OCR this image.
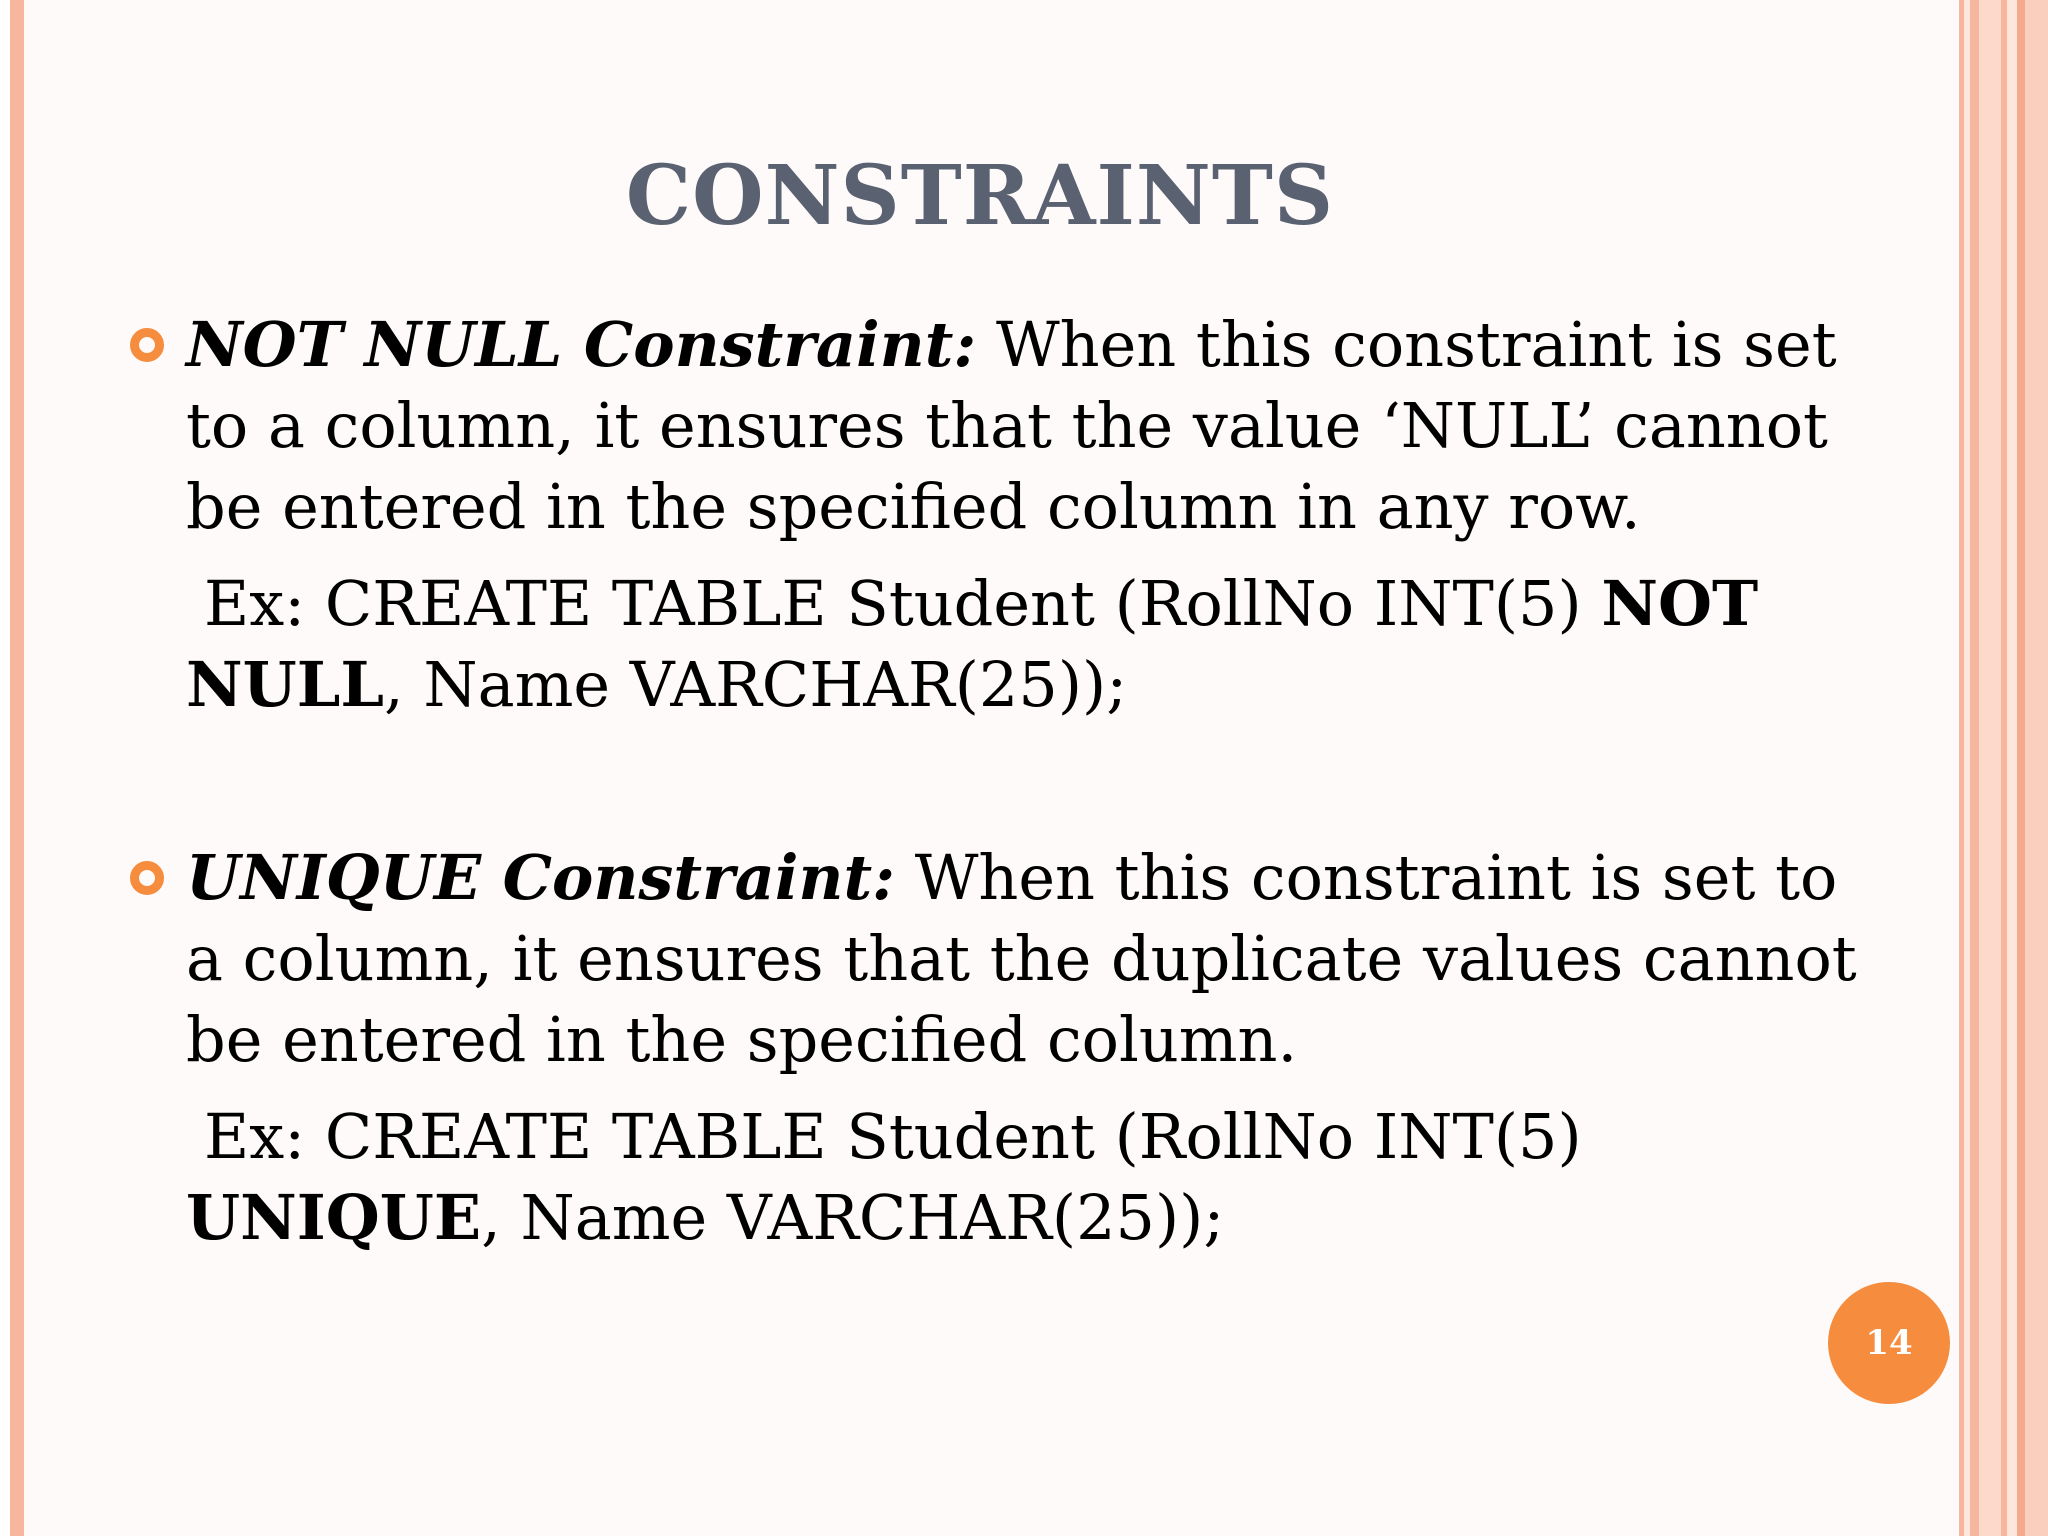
CONSTRAINTS
NOT NULL Constraint: When this constraint is set to a column, it ensures that the value ‘NULL’ cannot be entered in the specified column in any row.
Ex: CREATE TABLE Student (RollNo INT(5) NOT NULL, Name VARCHAR(25));
UNIQUE Constraint: When this constraint is set to a column, it ensures that the duplicate values cannot be entered in the specified column.
Ex: CREATE TABLE Student (RollNo INT(5)
UNIQUE, Name VARCHAR(25));
14
